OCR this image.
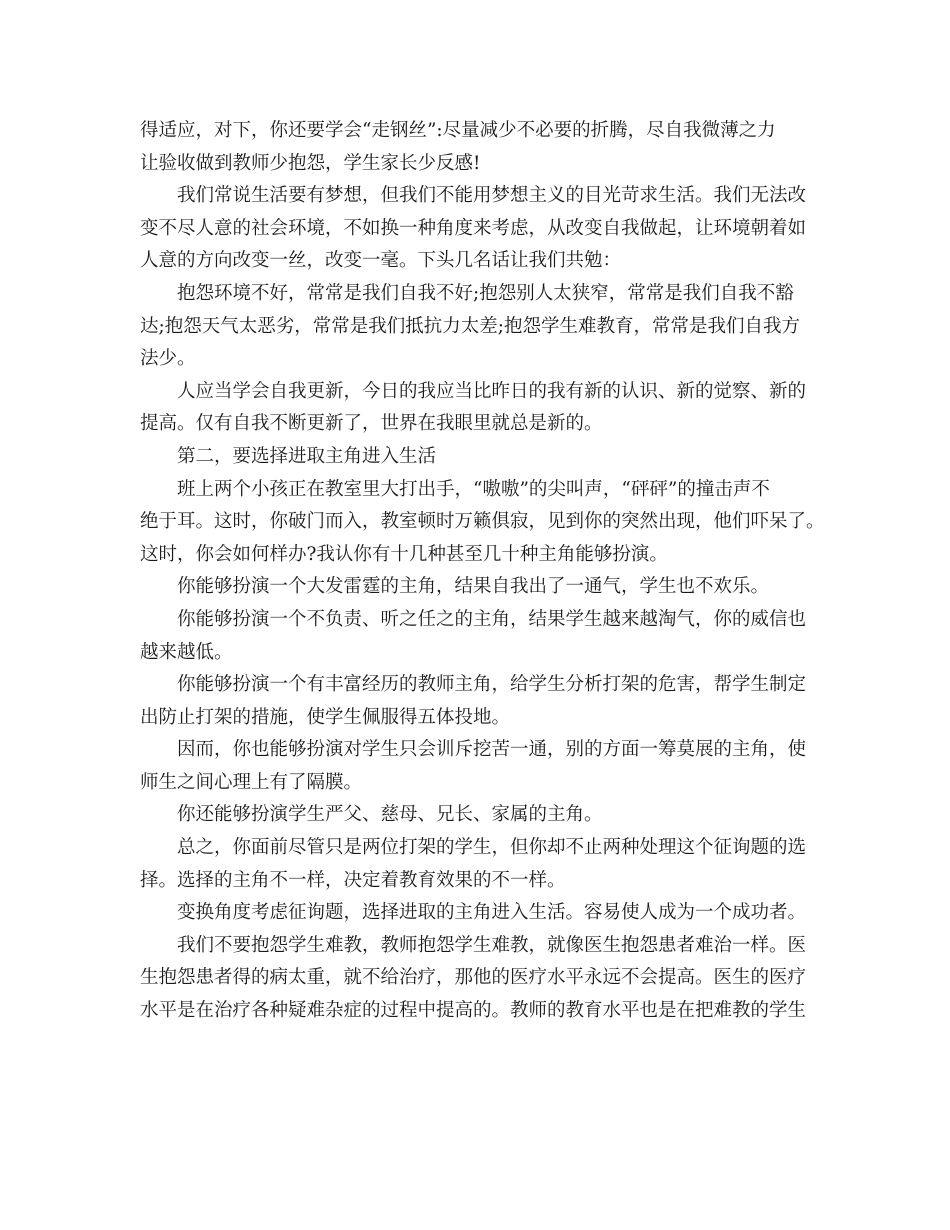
得适应，对下，你还要学会“走钢丝”:尽量减少不必要的折腾，尽自我微薄之力
让验收做到教师少抱怨，学生家长少反感!
我们常说生活要有梦想，但我们不能用梦想主义的目光苛求生活。我们无法改
变不尽人意的社会环境，不如换一种角度来考虑，从改变自我做起，让环境朝着如
人意的方向改变一丝，改变一毫。下头几名话让我们共勉：
抱怨环境不好，常常是我们自我不好;抱怨别人太狭窄，常常是我们自我不豁
达;抱怨天气太恶劣，常常是我们抵抗力太差;抱怨学生难教育，常常是我们自我方
法少。
人应当学会自我更新，今日的我应当比昨日的我有新的认识、新的觉察、新的
提高。仅有自我不断更新了，世界在我眼里就总是新的。
第二，要选择进取主角进入生活
班上两个小孩正在教室里大打出手，“嗷嗷”的尖叫声，“砰砰”的撞击声不
绝于耳。这时，你破门而入，教室顿时万籁俱寂，见到你的突然出现，他们吓呆了。
这时，你会如何样办?我认你有十几种甚至几十种主角能够扮演。
你能够扮演一个大发雷霆的主角，结果自我出了一通气，学生也不欢乐。
你能够扮演一个不负责、听之任之的主角，结果学生越来越淘气，你的威信也
越来越低。
你能够扮演一个有丰富经历的教师主角，给学生分析打架的危害，帮学生制定
出防止打架的措施，使学生佩服得五体投地。
因而，你也能够扮演对学生只会训斥挖苦一通，别的方面一筹莫展的主角，使
师生之间心理上有了隔膜。
你还能够扮演学生严父、慈母、兄长、家属的主角。
总之，你面前尽管只是两位打架的学生，但你却不止两种处理这个征询题的选
择。选择的主角不一样，决定着教育效果的不一样。
变换角度考虑征询题，选择进取的主角进入生活。容易使人成为一个成功者。
我们不要抱怨学生难教，教师抱怨学生难教，就像医生抱怨患者难治一样。医
生抱怨患者得的病太重，就不给治疗，那他的医疗水平永远不会提高。医生的医疗
水平是在治疗各种疑难杂症的过程中提高的。教师的教育水平也是在把难教的学生
